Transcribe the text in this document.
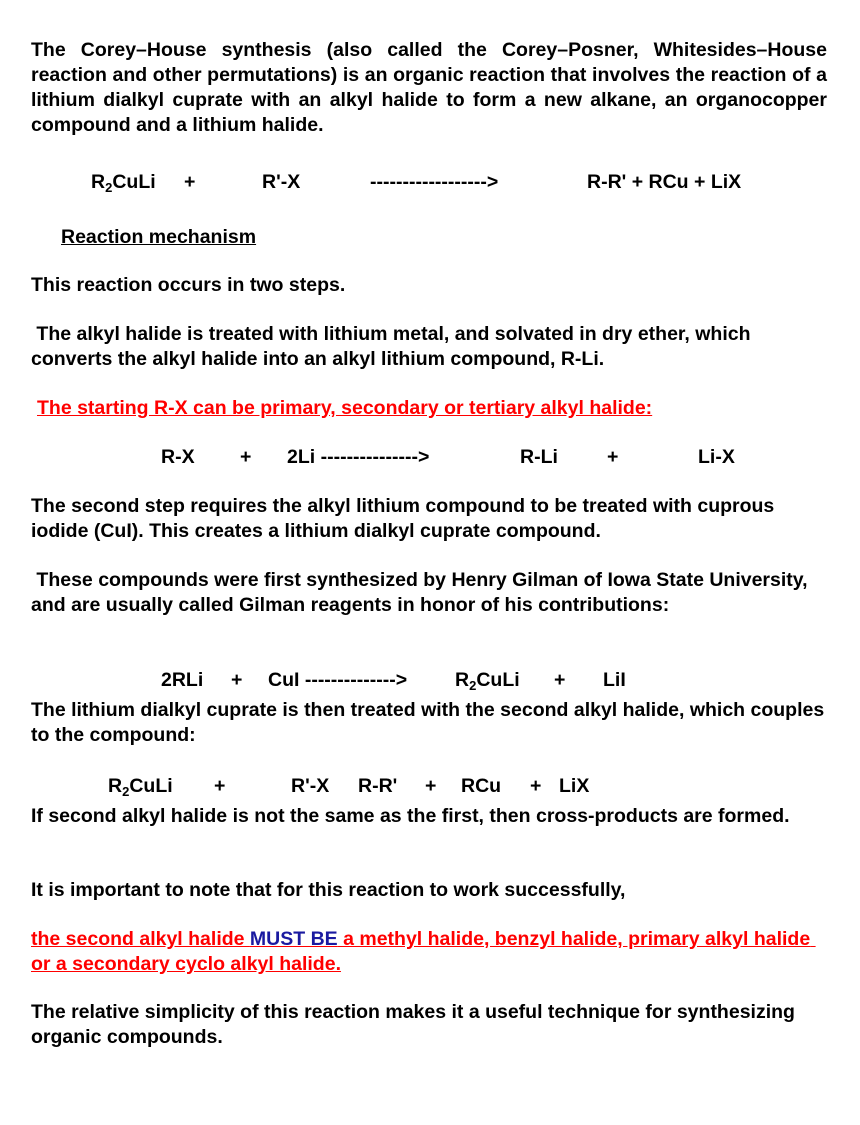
The Corey–House synthesis (also called the Corey–Posner, Whitesides–House reaction and other permutations) is an organic reaction that involves the reaction of a lithium dialkyl cuprate with an alkyl halide to form a new alkane, an organocopper compound and a lithium halide.

$R_2CuLi$ +	R'-X	------------------>	R-R' + RCu + LiX
Reaction mechanism

This reaction occurs in two steps.

The alkyl halide is treated with lithium metal, and solvated in dry ether, which converts the alkyl halide into an alkyl lithium compound, R-Li.

The starting R-X can be primary, secondary or tertiary alkyl halide:

R-X + 2Li --------------->	R-Li	+	Li-X

The second step requires the alkyl lithium compound to be treated with cuprous iodide (CuI). This creates a lithium dialkyl cuprate compound.

These compounds were first synthesized by Henry Gilman of Iowa State University, and are usually called Gilman reagents in honor of his contributions:

2RLi + CuI --------------> $R_2CuLi$ + LiI

The lithium dialkyl cuprate is then treated with the second alkyl halide, which couples to the compound:

$R_2CuLi$ +	R'-X R-R' + RCu + LiX

If second alkyl halide is not the same as the first, then cross-products are formed.

It is important to note that for this reaction to work successfully,

the second alkyl halide MUST BE a methyl halide, benzyl halide, primary alkyl halide or a secondary cyclo alkyl halide.

The relative simplicity of this reaction makes it a useful technique for synthesizing organic compounds.
